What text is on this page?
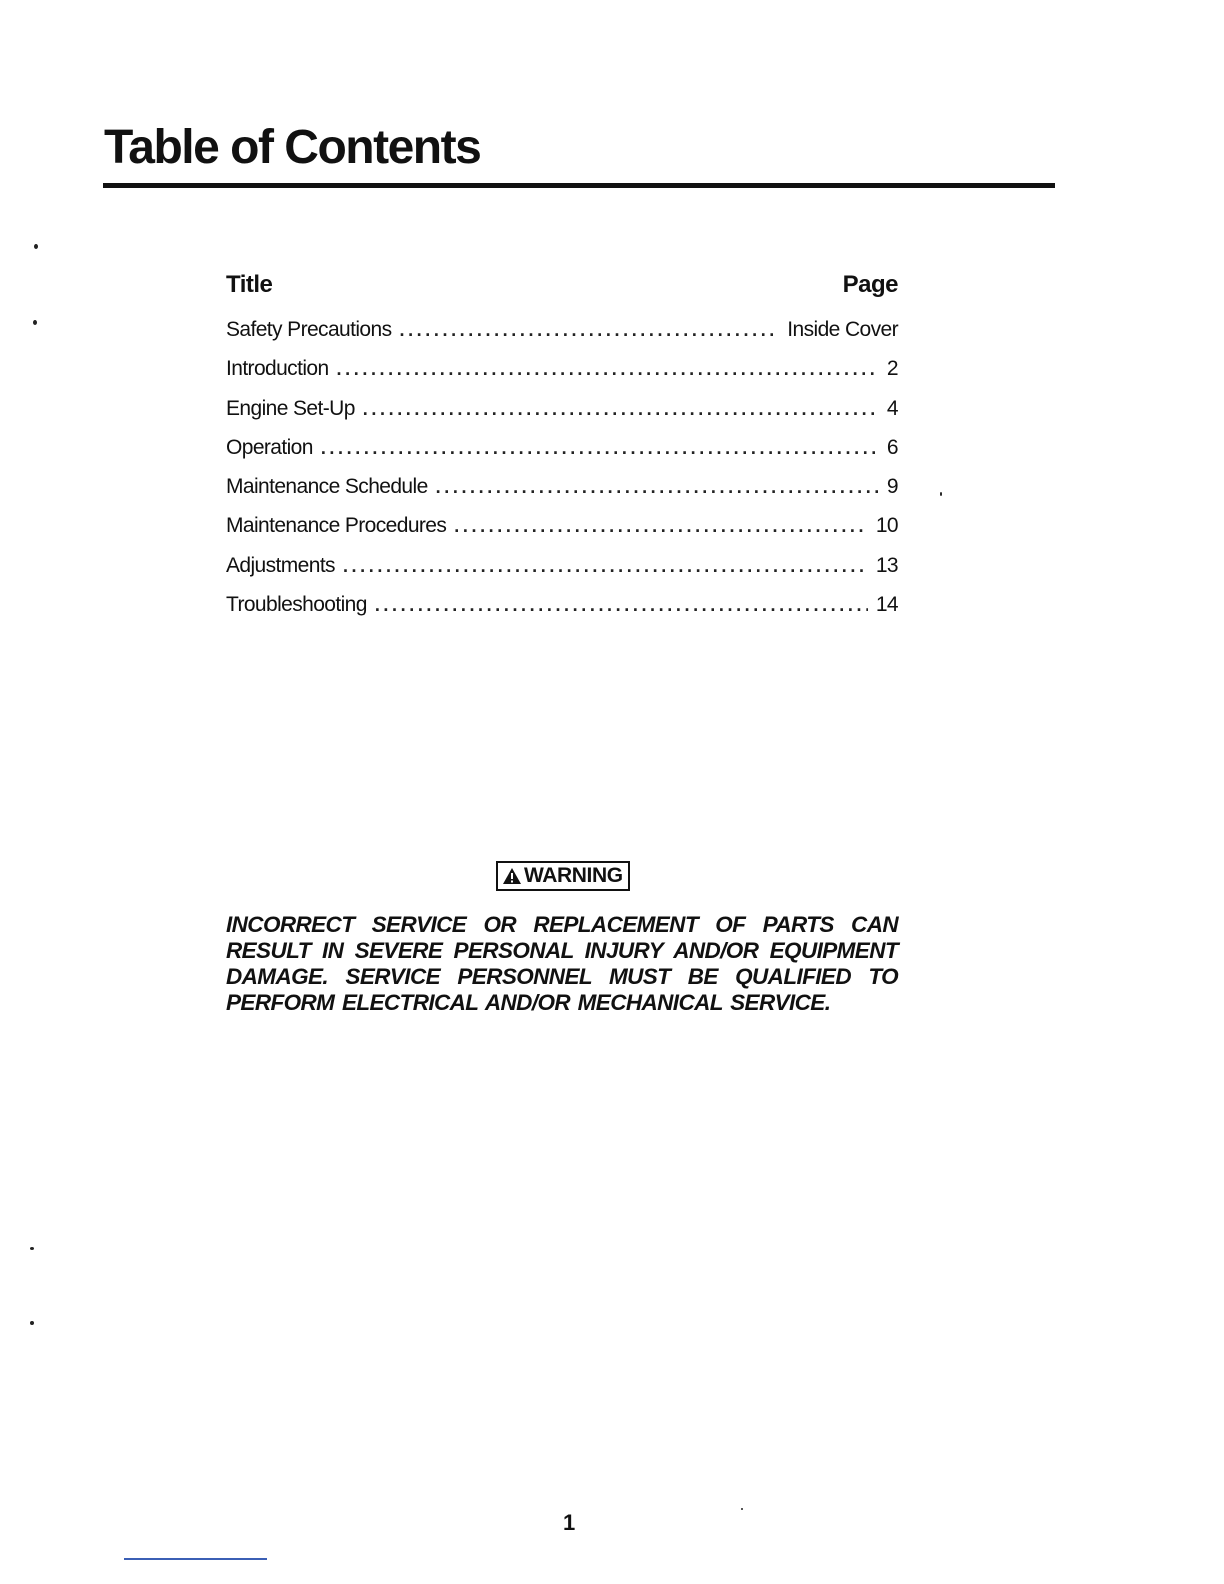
Table of Contents
Title	Page
Safety Precautions .....	Inside Cover
Introduction .....	2
Engine Set-Up .....	4
Operation .....	6
Maintenance Schedule .....	9
Maintenance Procedures .....	10
Adjustments .....	13
Troubleshooting .....	14
WARNING

INCORRECT SERVICE OR REPLACEMENT OF PARTS CAN RESULT IN SEVERE PERSONAL INJURY AND/OR EQUIPMENT DAMAGE. SERVICE PERSONNEL MUST BE QUALIFIED TO PERFORM ELECTRICAL AND/OR MECHANICAL SERVICE.

1
